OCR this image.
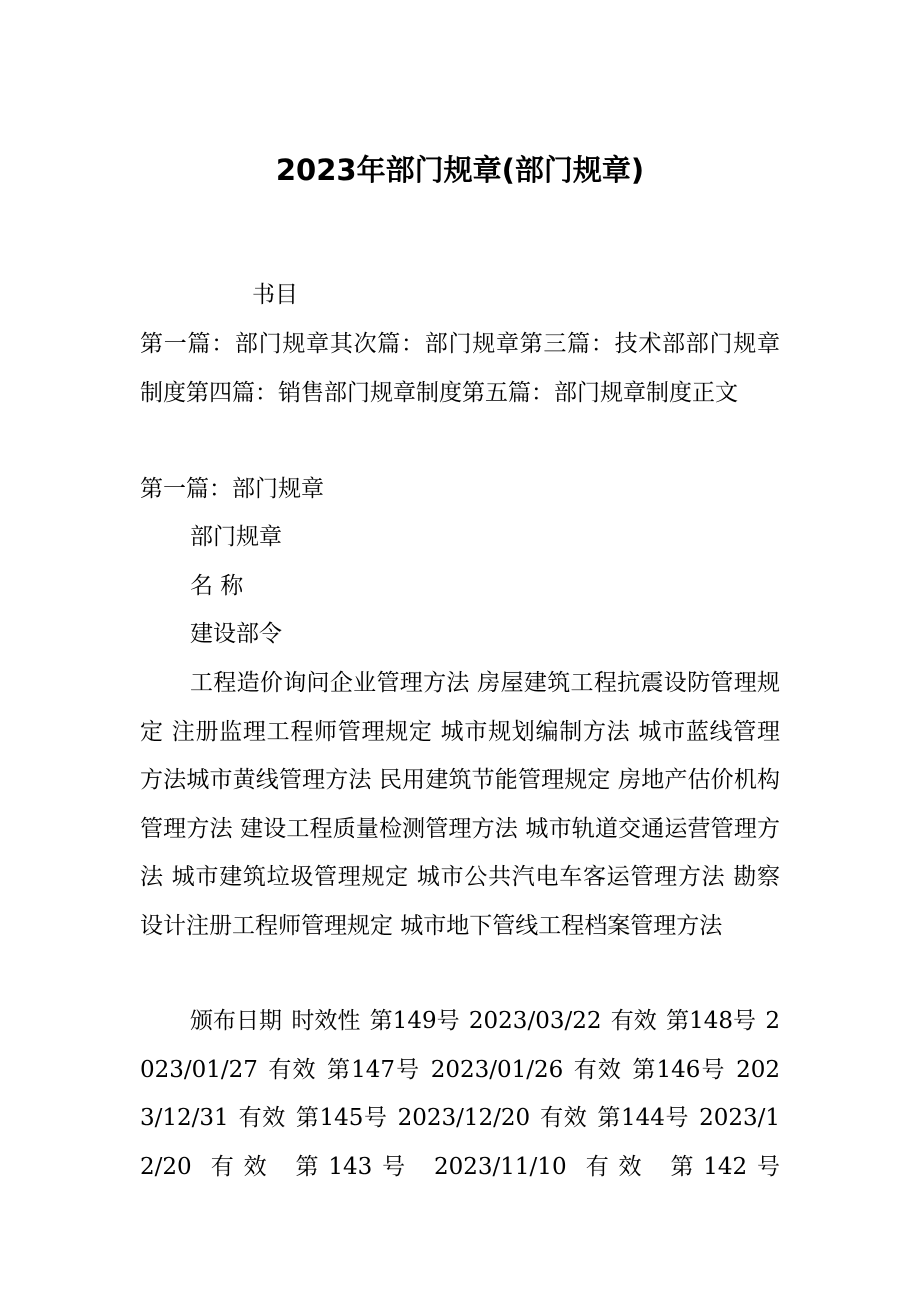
2023年部门规章(部门规章)

书目

第一篇：部门规章其次篇：部门规章第三篇：技术部部门规章制度第四篇：销售部门规章制度第五篇：部门规章制度正文

第一篇：部门规章

部门规章

名 称

建设部令

工程造价询问企业管理方法 房屋建筑工程抗震设防管理规定 注册监理工程师管理规定 城市规划编制方法 城市蓝线管理方法城市黄线管理方法 民用建筑节能管理规定 房地产估价机构管理方法 建设工程质量检测管理方法 城市轨道交通运营管理方法 城市建筑垃圾管理规定 城市公共汽电车客运管理方法 勘察设计注册工程师管理规定 城市地下管线工程档案管理方法

颁布日期 时效性 第149号 2023/03/22 有效 第148号 2023/01/27 有效 第147号 2023/01/26 有效 第146号 2023/12/31 有效 第145号 2023/12/20 有效 第144号 2023/12/20 有效 第143号 2023/11/10 有效 第142号
